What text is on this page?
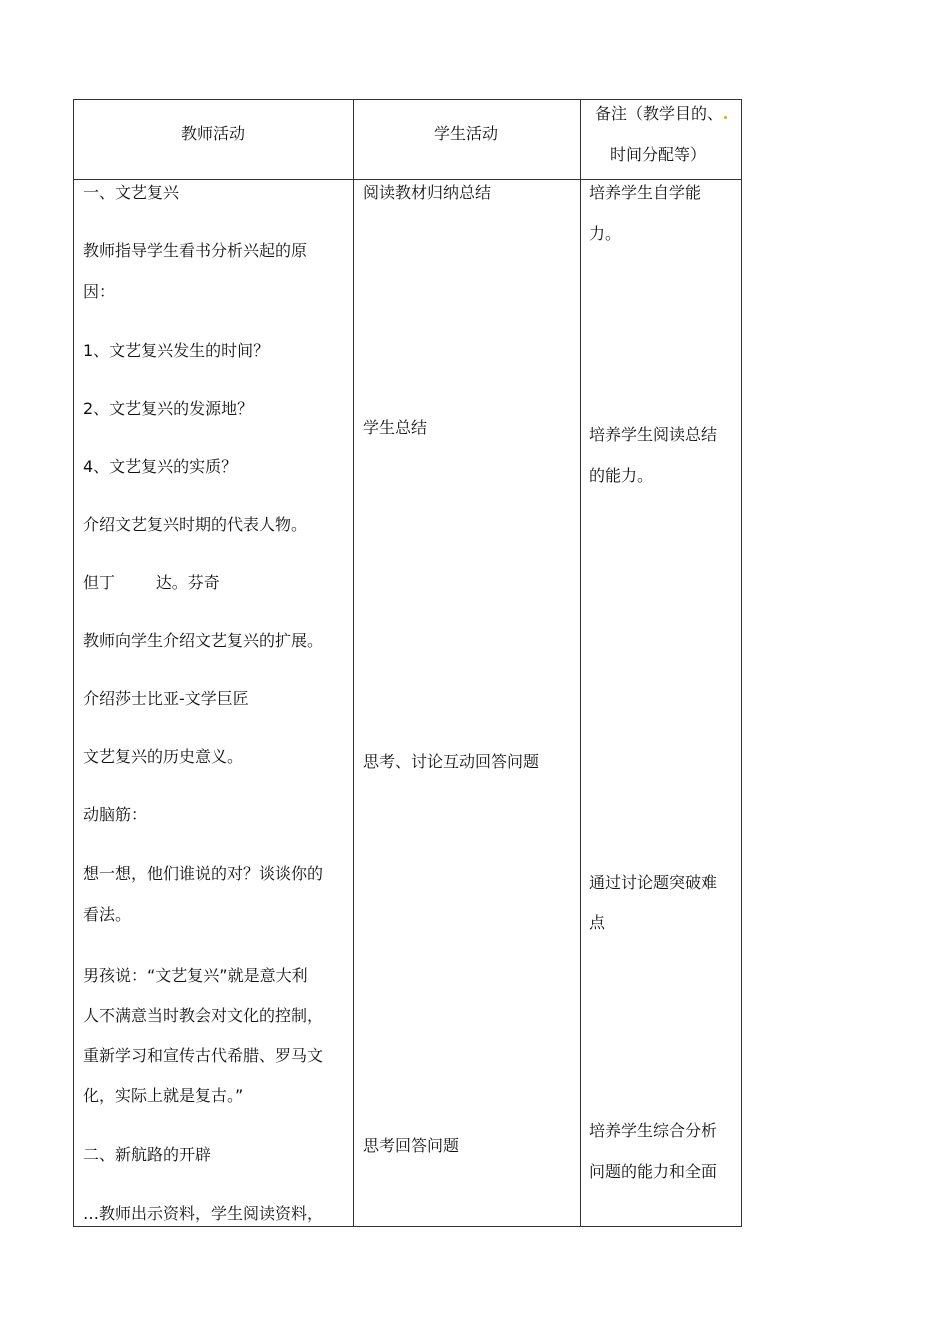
教师活动	学生活动
备注（教学目的、
时间分配等）
一、文艺复兴
教师指导学生看书分析兴起的原
因：
1、文艺复兴发生的时间？
2、文艺复兴的发源地？
4、文艺复兴的实质？
介绍文艺复兴时期的代表人物。
但丁        达。芬奇
教师向学生介绍文艺复兴的扩展。
介绍莎士比亚-文学巨匠
文艺复兴的历史意义。
动脑筋：
想一想，他们谁说的对？谈谈你的
看法。
男孩说：“文艺复兴”就是意大利
人不满意当时教会对文化的控制，
重新学习和宣传古代希腊、罗马文
化，实际上就是复古。”
二、新航路的开辟
…教师出示资料，学生阅读资料，
阅读教材归纳总结
学生总结
思考、讨论互动回答问题
思考回答问题
培养学生自学能
力。
培养学生阅读总结
的能力。
通过讨论题突破难
点
培养学生综合分析
问题的能力和全面
